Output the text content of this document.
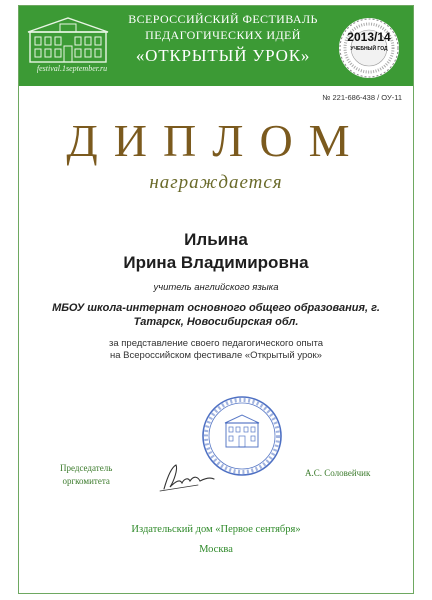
festival.1september.ru
ВСЕРОССИЙСКИЙ ФЕСТИВАЛЬ
ПЕДАГОГИЧЕСКИХ ИДЕЙ
«ОТКРЫТЫЙ УРОК»
2013/14
УЧЕБНЫЙ ГОД
№ 221-686-438 / ОУ-11
ДИПЛОМ
награждается
Ильина
Ирина Владимировна
учитель английского языка
МБОУ школа-интернат основного общего образования, г. Татарск, Новосибирская обл.
за представление своего педагогического опыта
на Всероссийском фестивале «Открытый урок»
Председатель
оргкомитета
А.С. Соловейчик
Издательский дом «Первое сентября»
Москва
